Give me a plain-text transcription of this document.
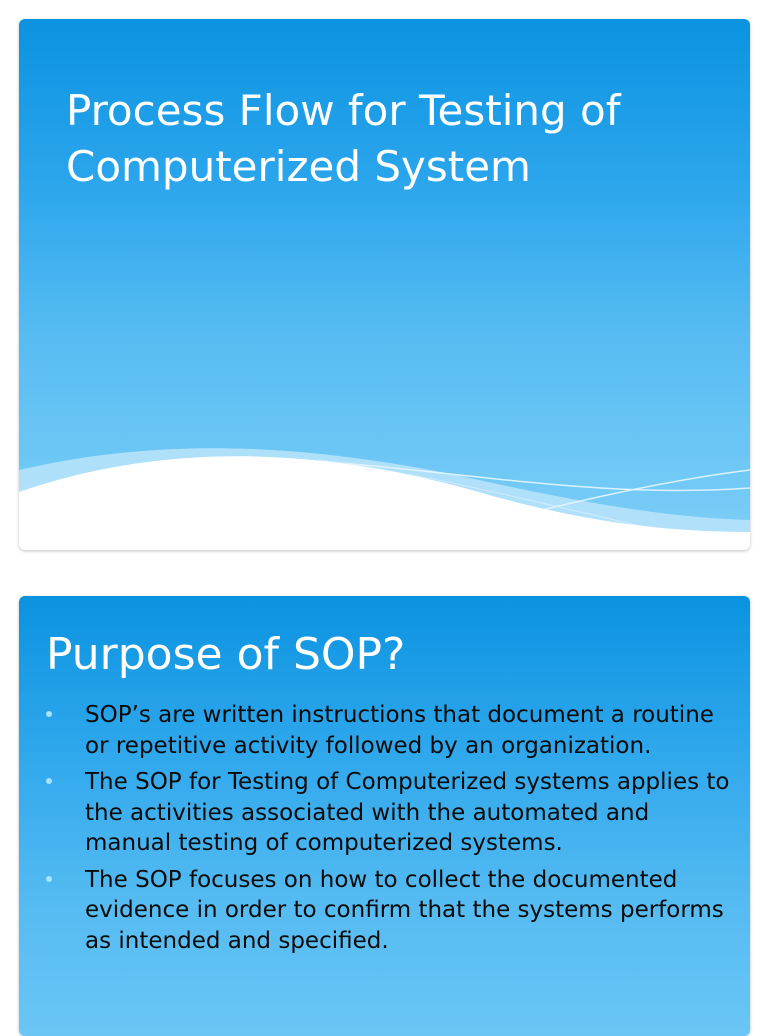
Process Flow for Testing of Computerized System
Purpose of SOP?
SOP’s are written instructions that document a routine or repetitive activity followed by an organization.
The SOP for Testing of Computerized systems applies to the activities associated with the automated and manual testing of computerized systems.
The SOP focuses on how to collect the documented evidence in order to confirm that the systems performs as intended and specified.
